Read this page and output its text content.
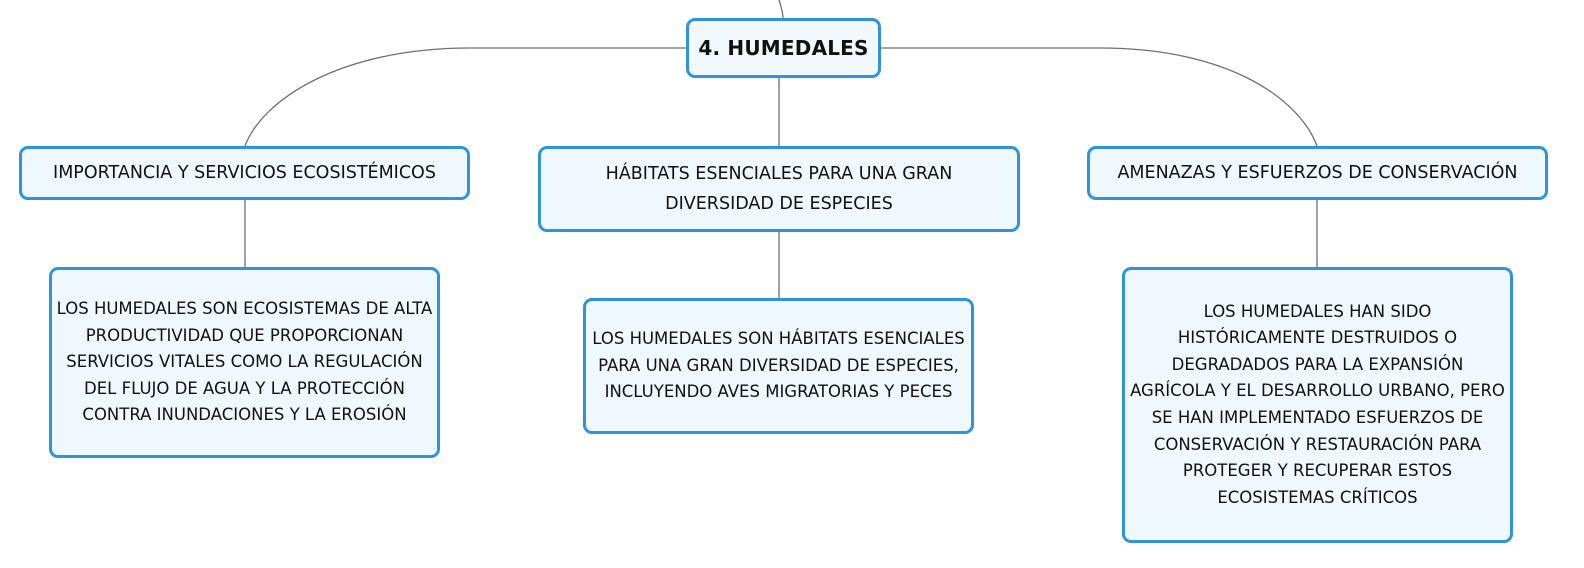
4. HUMEDALES
IMPORTANCIA Y SERVICIOS ECOSISTÉMICOS	HÁBITATS ESENCIALES PARA UNA GRAN DIVERSIDAD DE ESPECIES
AMENAZAS Y ESFUERZOS DE CONSERVACIÓN
LOS HUMEDALES SON ECOSISTEMAS DE ALTA PRODUCTIVIDAD QUE PROPORCIONAN SERVICIOS VITALES COMO LA REGULACIÓN DEL FLUJO DE AGUA Y LA PROTECCIÓN CONTRA INUNDACIONES Y LA EROSIÓN
LOS HUMEDALES SON HÁBITATS ESENCIALES PARA UNA GRAN DIVERSIDAD DE ESPECIES, INCLUYENDO AVES MIGRATORIAS Y PECES
LOS HUMEDALES HAN SIDO HISTÓRICAMENTE DESTRUIDOS O DEGRADADOS PARA LA EXPANSIÓN AGRÍCOLA Y EL DESARROLLO URBANO, PERO SE HAN IMPLEMENTADO ESFUERZOS DE CONSERVACIÓN Y RESTAURACIÓN PARA PROTEGER Y RECUPERAR ESTOS ECOSISTEMAS CRÍTICOS
